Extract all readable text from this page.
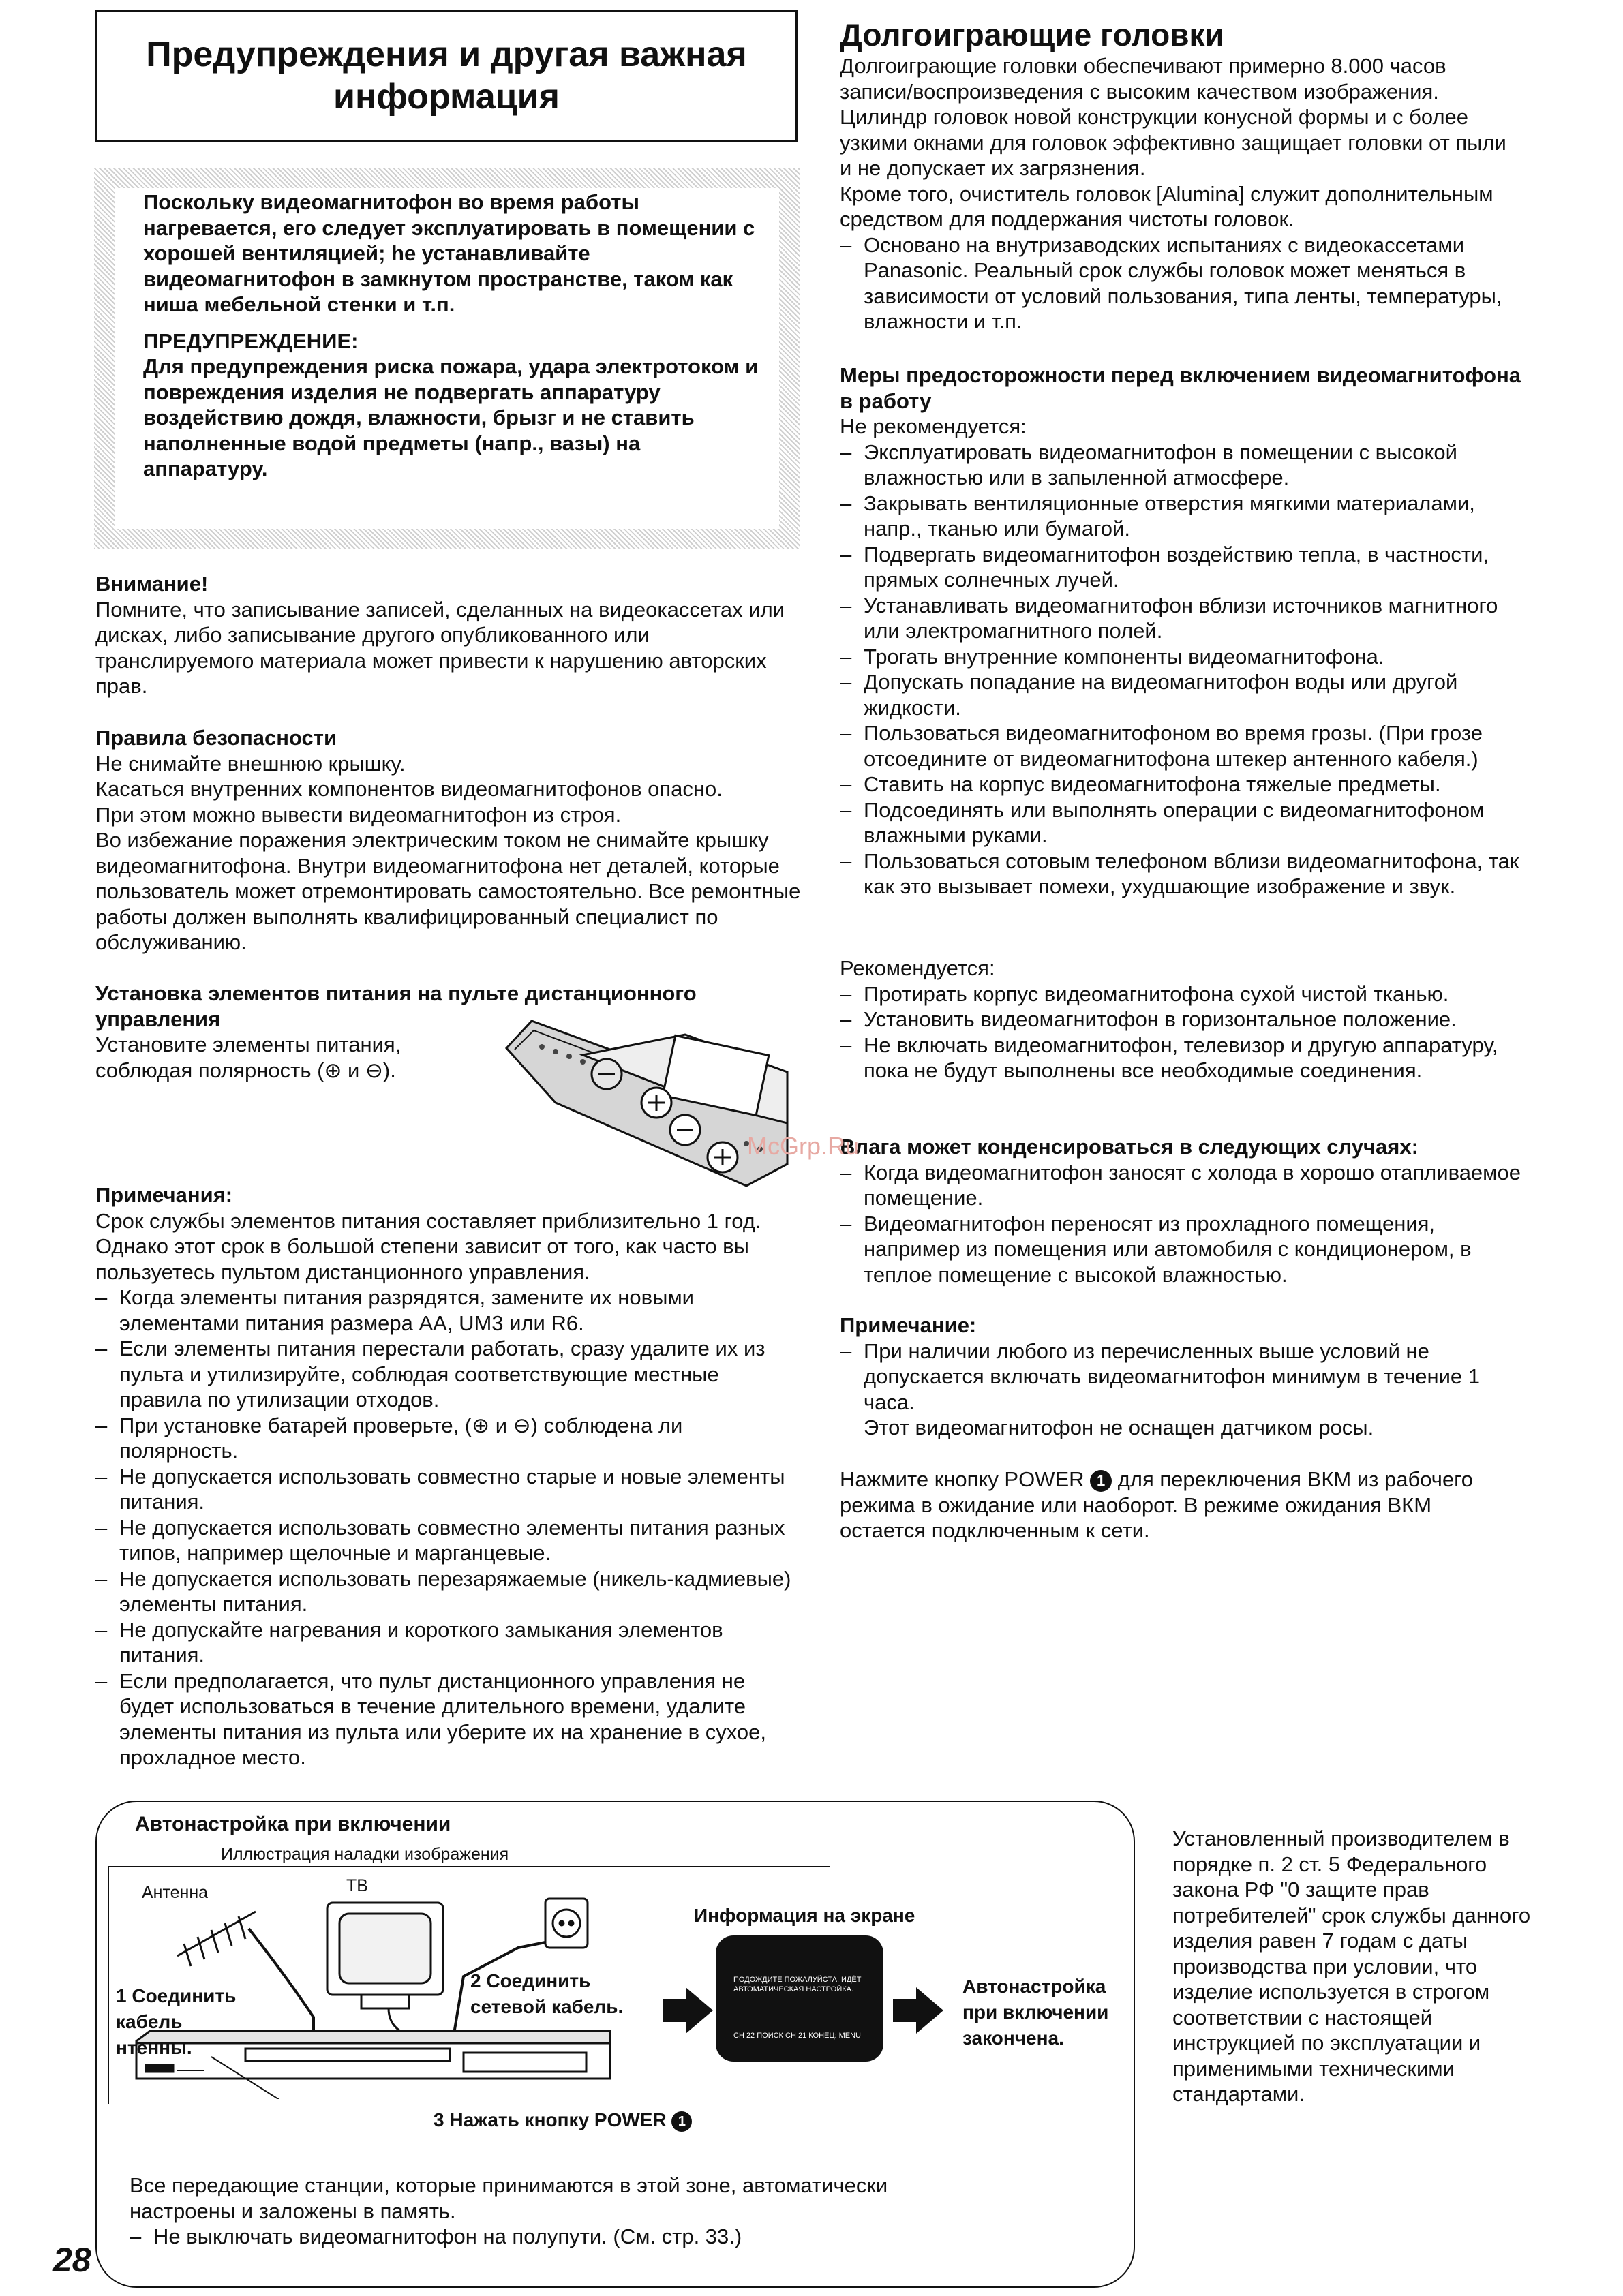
Предупреждения и другая важная информация

Поскольку видеомагнитофон во время работы нагревается, его следует эксплуатировать в помещении с хорошей вентиляцией; he устанавливайте видеомагнитофон в замкнутом пространстве, таком как ниша мебельной стенки и т.п.

ПРЕДУПРЕЖДЕНИЕ:

Для предупреждения риска пожара, удара электротоком и повреждения изделия не подвергать аппаратуру воздействию дождя, влажности, брызг и не ставить наполненные водой предметы (напр., вазы) на аппаратуру.

Внимание!

Помните, что записывание записей, сделанных на видеокассетах или дисках, либо записывание другого опубликованного или транслируемого материала может привести к нарушению авторских прав.

Правила безопасности

Не снимайте внешнюю крышку.

Касаться внутренних компонентов видеомагнитофонов опасно.

При этом можно вывести видеомагнитофон из строя.

Во избежание поражения электрическим током не снимайте крышку видеомагнитофона. Внутри видеомагнитофона нет деталей, которые пользователь может отремонтировать самостоятельно. Все ремонтные работы должен выполнять квалифицированный специалист по обслуживанию.

Установка элементов питания на пульте дистанционного управления

Установите элементы питания, соблюдая полярность (⊕ и ⊖).

Примечания:

Срок службы элементов питания составляет приблизительно 1 год. Однако этот срок в большой степени зависит от того, как часто вы пользуетесь пультом дистанционного управления.

– Когда элементы питания разрядятся, замените их новыми элементами питания размера AA, UM3 или R6.

– Если элементы питания перестали работать, сразу удалите их из пульта и утилизируйте, соблюдая соответствующие местные правила по утилизации отходов.

– При установке батарей проверьте, (⊕ и ⊖) соблюдена ли полярность.

– Не допускается использовать совместно старые и новые элементы питания.

– Не допускается использовать совместно элементы питания разных типов, например щелочные и марганцевые.

– Не допускается использовать перезаряжаемые (никель-кадмиевые) элементы питания.

– Не допускайте нагревания и короткого замыкания элементов питания.

– Если предполагается, что пульт дистанционного управления не будет использоваться в течение длительного времени, удалите элементы питания из пульта или уберите их на хранение в сухое, прохладное место.

Долгоиграющие головки

Долгоиграющие головки обеспечивают примерно 8.000 часов записи/воспроизведения с высоким качеством изображения. Цилиндр головок новой конструкции конусной формы и с более узкими окнами для головок эффективно защищает головки от пыли и не допускает их загрязнения.

Кроме того, очиститель головок [Alumina] служит дополнительным средством для поддержания чистоты головок.

– Основано на внутризаводских испытаниях с видеокассетами Panasonic. Реальный срок службы головок может меняться в зависимости от условий пользования, типа ленты, температуры, влажности и т.п.

Меры предосторожности перед включением видеомагнитофона в работу

Не рекомендуется:

– Эксплуатировать видеомагнитофон в помещении с высокой влажностью или в запыленной атмосфере.

– Закрывать вентиляционные отверстия мягкими материалами, напр., тканью или бумагой.

– Подвергать видеомагнитофон воздействию тепла, в частности, прямых солнечных лучей.

– Устанавливать видеомагнитофон вблизи источников магнитного или электромагнитного полей.

– Трогать внутренние компоненты видеомагнитофона.

– Допускать попадание на видеомагнитофон воды или другой жидкости.

– Пользоваться видеомагнитофоном во время грозы. (При грозе отсоедините от видеомагнитофона штекер антенного кабеля.)

– Ставить на корпус видеомагнитофона тяжелые предметы.

– Подсоединять или выполнять операции с видеомагнитофоном влажными руками.

– Пользоваться сотовым телефоном вблизи видеомагнитофона, так как это вызывает помехи, ухудшающие изображение и звук.

Рекомендуется:

– Протирать корпус видеомагнитофона сухой чистой тканью.

– Установить видеомагнитофон в горизонтальное положение.

– Не включать видеомагнитофон, телевизор и другую аппаратуру, пока не будут выполнены все необходимые соединения.

Влага может конденсироваться в следующих случаях:

– Когда видеомагнитофон заносят с холода в хорошо отапливаемое помещение.

– Видеомагнитофон переносят из прохладного помещения, например из помещения или автомобиля с кондиционером, в теплое помещение с высокой влажностью.

Примечание:

– При наличии любого из перечисленных выше условий не допускается включать видеомагнитофон минимум в течение 1 часа.

Этот видеомагнитофон не оснащен датчиком росы.

Нажмите кнопку POWER 1 для переключения ВКМ из рабочего режима в ожидание или наоборот. В режиме ожидания ВКМ остается подключенным к сети.

McGrp.Ru
Автонастройка при включении
Иллюстрация наладки изображения
Антенна	ТВ
1 Соединить кабель нтенны.
2 Соединить сетевой кабель.
3 Нажать кнопку POWER 1
Информация на экране
ПОДОЖДИТЕ ПОЖАЛУЙСТА. ИДЁТ АВТОМАТИЧЕСКАЯ НАСТРОЙКА.
CH 22 ПОИСК CH 21 КОНЕЦ: MENU
Автонастройка при включении закончена.

Все передающие станции, которые принимаются в этой зоне, автоматически настроены и заложены в память.

– Не выключать видеомагнитофон на полупути. (См. стр. 33.)

Установленный производителем в порядке п. 2 ст. 5 Федерального закона РФ "0 защите прав потребителей" срок службы данного изделия равен 7 годам с даты производства при условии, что изделие используется в строгом соответствии с настоящей инструкцией по эксплуатации и применимыми техническими стандартами.
28
